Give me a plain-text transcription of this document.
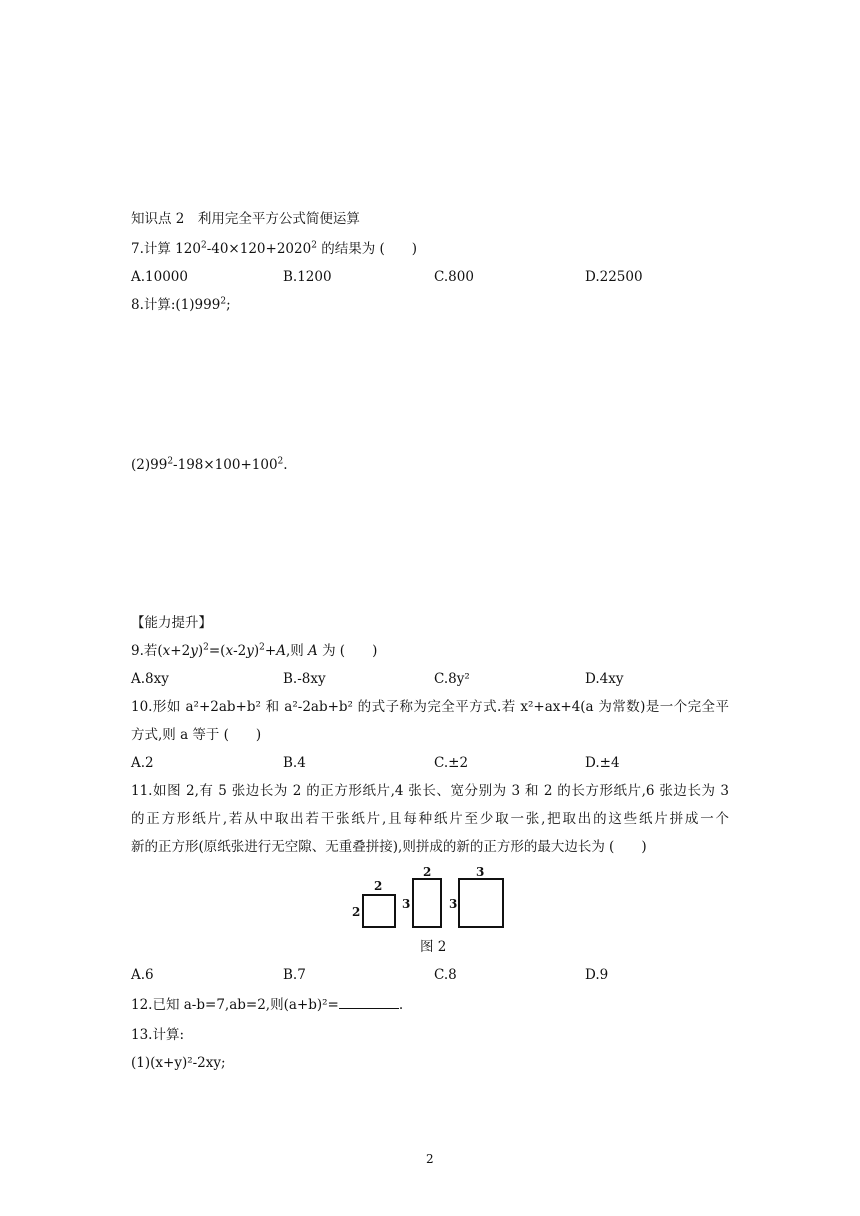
知识点 2　利用完全平方公式简便运算
7.计算 $120^2-40\times 120+2020^2$ 的结果为 (　　)
A.10000	B.1200	C.800	D.22500
8.计算$:(1)999^2$;
$(2)99^2-198\times 100+100^2$.
【能力提升】
9.若$(x+2y)^2=(x-2y)^2+A$,则 A 为 (　　)
A.8xy	B.-8xy	C.8y²	D.4xy
10.形如 a²+2ab+b² 和 a²-2ab+b² 的式子称为完全平方式.若 x²+ax+4(a 为常数)是一个完全平
方式,则 a 等于 (　　)
A.2	B.4	C.±2	D.±4
11.如图 2,有 5 张边长为 2 的正方形纸片,4 张长、宽分别为 3 和 2 的长方形纸片,6 张边长为 3
的正方形纸片,若从中取出若干张纸片,且每种纸片至少取一张,把取出的这些纸片拼成一个
新的正方形(原纸张进行无空隙、无重叠拼接),则拼成的新的正方形的最大边长为 (　　)
2
2
2
3
3
3
图 2
A.6	B.7	C.8	D.9
12.已知 a-b=7,ab=2,则(a+b)²=	.
13.计算:
(1)(x+y)²-2xy;
2
